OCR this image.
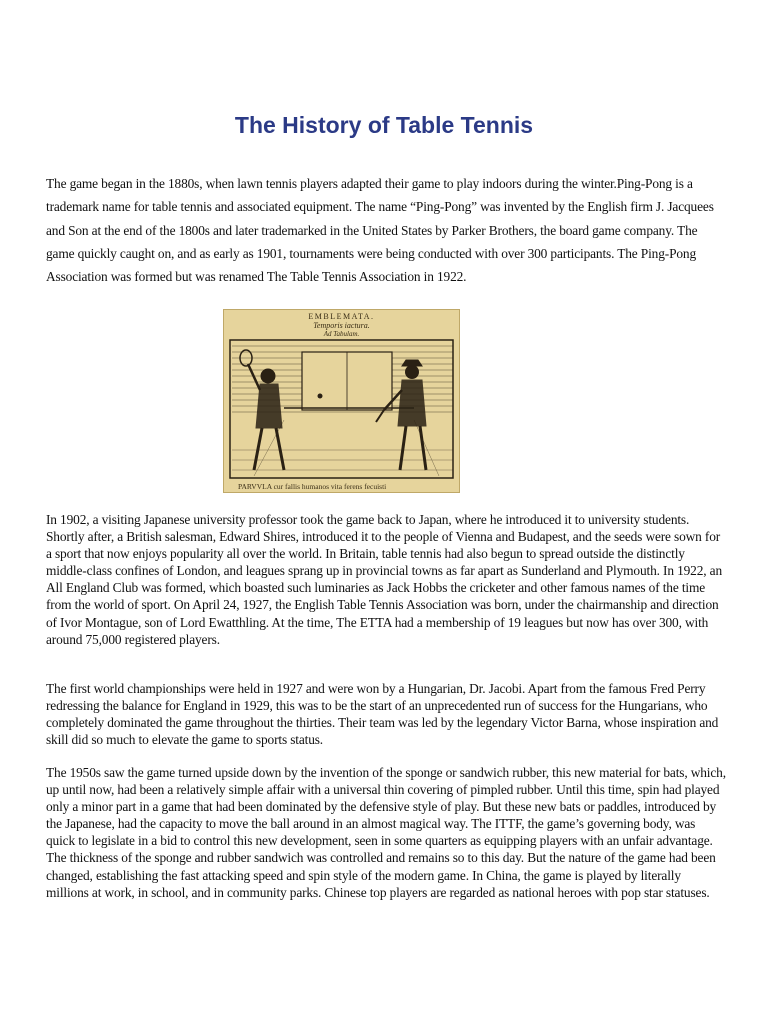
The History of Table Tennis

The game began in the 1880s, when lawn tennis players adapted their game to play indoors during the winter.Ping-Pong is a trademark name for table tennis and associated equipment. The name “Ping-Pong” was invented by the English firm J. Jacquees and Son at the end of the 1800s and later trademarked in the United States by Parker Brothers, the board game company. The game quickly caught on, and as early as 1901, tournaments were being conducted with over 300 participants. The Ping-Pong Association was formed but was renamed The Table Tennis Association in 1922.

EMBLEMATA.
Temporis iactura.
Ad Tabulam.
PARVVLA cur fallis humanos vita ferens fecuisti

In 1902, a visiting Japanese university professor took the game back to Japan, where he introduced it to university students. Shortly after, a British salesman, Edward Shires, introduced it to the people of Vienna and Budapest, and the seeds were sown for a sport that now enjoys popularity all over the world. In Britain, table tennis had also begun to spread outside the distinctly middle-class confines of London, and leagues sprang up in provincial towns as far apart as Sunderland and Plymouth. In 1922, an All England Club was formed, which boasted such luminaries as Jack Hobbs the cricketer and other famous names of the time from the world of sport. On April 24, 1927, the English Table Tennis Association was born, under the chairmanship and direction of Ivor Montague, son of Lord Ewatthling. At the time, The ETTA had a membership of 19 leagues but now has over 300, with around 75,000 registered players.

The first world championships were held in 1927 and were won by a Hungarian, Dr. Jacobi. Apart from the famous Fred Perry redressing the balance for England in 1929, this was to be the start of an unprecedented run of success for the Hungarians, who completely dominated the game throughout the thirties. Their team was led by the legendary Victor Barna, whose inspiration and skill did so much to elevate the game to sports status.

The 1950s saw the game turned upside down by the invention of the sponge or sandwich rubber, this new material for bats, which, up until now, had been a relatively simple affair with a universal thin covering of pimpled rubber. Until this time, spin had played only a minor part in a game that had been dominated by the defensive style of play. But these new bats or paddles, introduced by the Japanese, had the capacity to move the ball around in an almost magical way. The ITTF, the game’s governing body, was quick to legislate in a bid to control this new development, seen in some quarters as equipping players with an unfair advantage. The thickness of the sponge and rubber sandwich was controlled and remains so to this day. But the nature of the game had been changed, establishing the fast attacking speed and spin style of the modern game. In China, the game is played by literally millions at work, in school, and in community parks. Chinese top players are regarded as national heroes with pop star statuses.
